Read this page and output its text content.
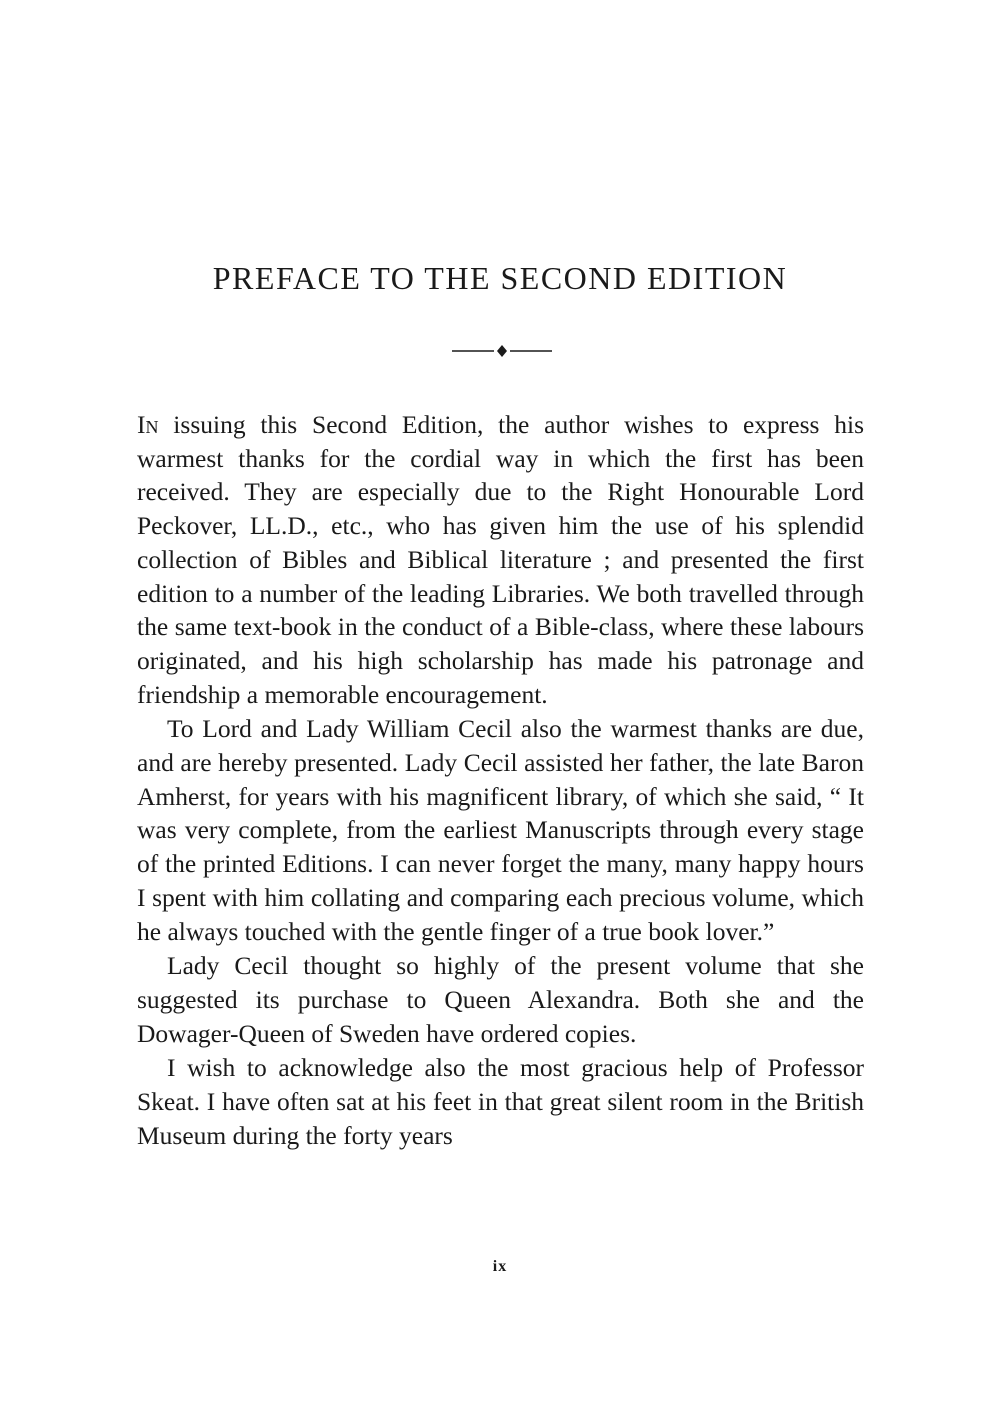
PREFACE TO THE SECOND EDITION

In issuing this Second Edition, the author wishes to express his warmest thanks for the cordial way in which the first has been received. They are especially due to the Right Honourable Lord Peckover, LL.D., etc., who has given him the use of his splendid collection of Bibles and Biblical literature ; and presented the first edition to a number of the leading Libraries. We both travelled through the same text-book in the conduct of a Bible-class, where these labours originated, and his high scholarship has made his patronage and friendship a memorable encouragement.

To Lord and Lady William Cecil also the warmest thanks are due, and are hereby presented. Lady Cecil assisted her father, the late Baron Amherst, for years with his magnificent library, of which she said, “ It was very complete, from the earliest Manuscripts through every stage of the printed Editions. I can never forget the many, many happy hours I spent with him collating and comparing each precious volume, which he always touched with the gentle finger of a true book lover.”

Lady Cecil thought so highly of the present volume that she suggested its purchase to Queen Alexandra. Both she and the Dowager-Queen of Sweden have ordered copies.

I wish to acknowledge also the most gracious help of Professor Skeat. I have often sat at his feet in that great silent room in the British Museum during the forty years

ix
